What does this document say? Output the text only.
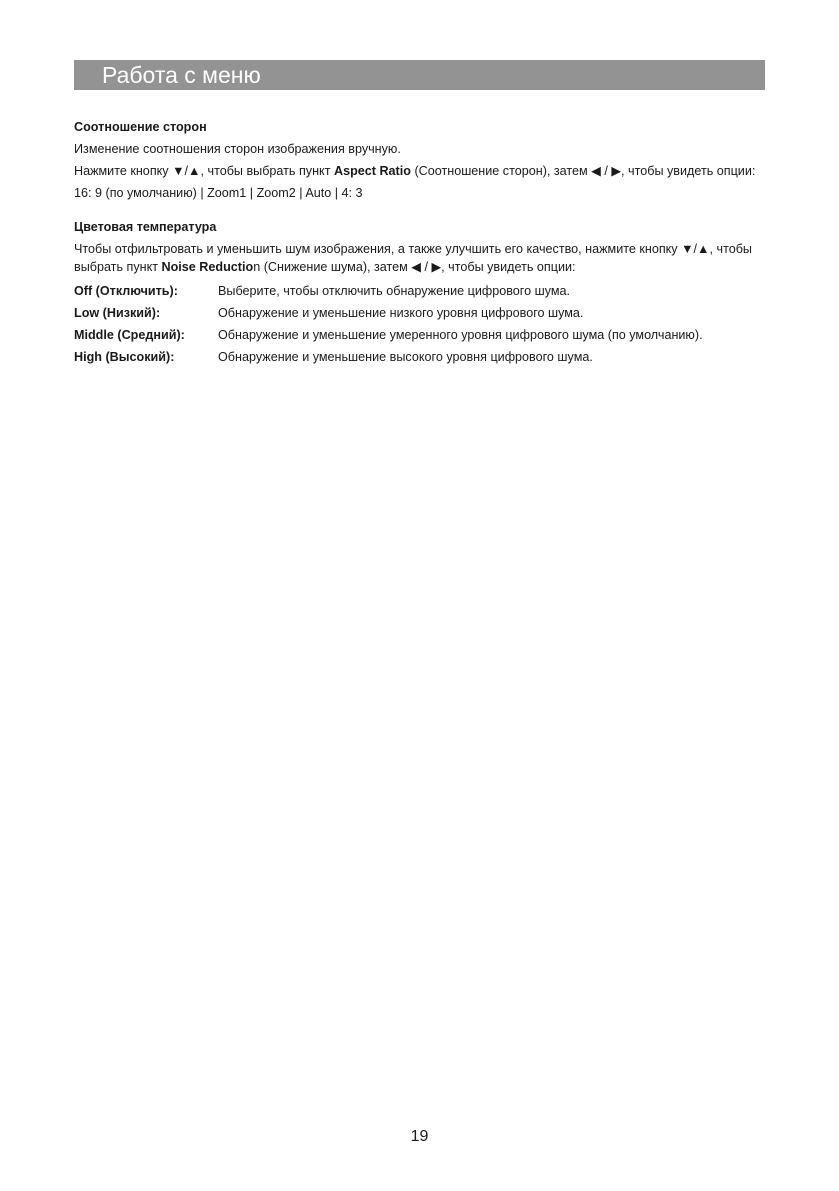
Работа с меню
Соотношение сторон
Изменение соотношения сторон изображения вручную.
Нажмите кнопку ▼/▲, чтобы выбрать пункт Aspect Ratio (Соотношение сторон), затем ◀ / ▶, чтобы увидеть опции:
16: 9 (по умолчанию) | Zoom1 | Zoom2 | Auto | 4: 3
Цветовая температура
Чтобы отфильтровать и уменьшить шум изображения, а также улучшить его качество, нажмите кнопку ▼/▲, чтобы выбрать пункт Noise Reduction (Снижение шума), затем ◀ / ▶, чтобы увидеть опции:
Off (Отключить):	Выберите, чтобы отключить обнаружение цифрового шума.
Low (Низкий):	Обнаружение и уменьшение низкого уровня цифрового шума.
Middle (Средний):	Обнаружение и уменьшение умеренного уровня цифрового шума (по умолчанию).
High (Высокий):	Обнаружение и уменьшение высокого уровня цифрового шума.
19
